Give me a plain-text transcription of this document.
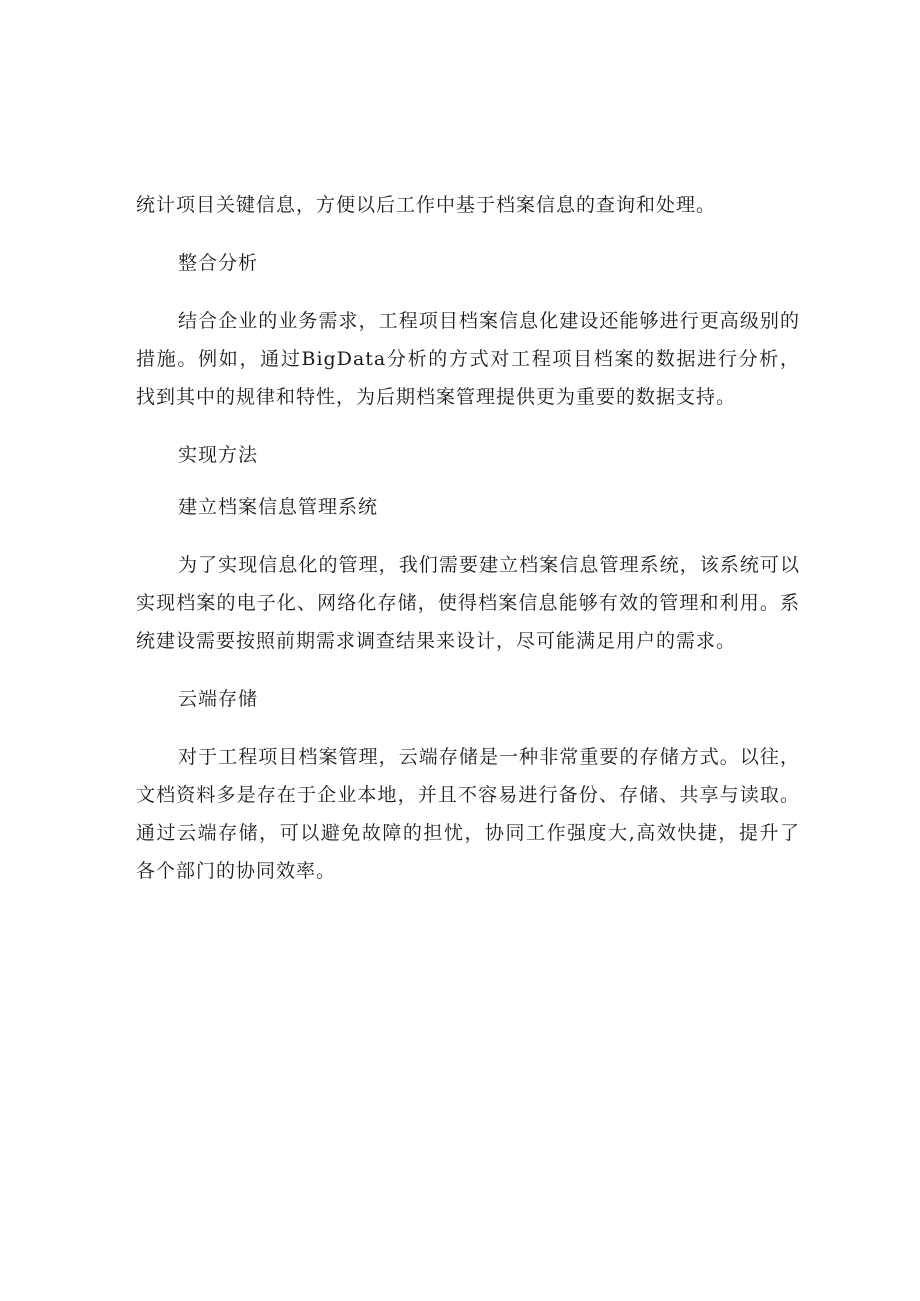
统计项目关键信息，方便以后工作中基于档案信息的查询和处理。

整合分析

结合企业的业务需求，工程项目档案信息化建设还能够进行更高级别的措施。例如，通过BigData分析的方式对工程项目档案的数据进行分析，找到其中的规律和特性，为后期档案管理提供更为重要的数据支持。

实现方法

建立档案信息管理系统

为了实现信息化的管理，我们需要建立档案信息管理系统，该系统可以实现档案的电子化、网络化存储，使得档案信息能够有效的管理和利用。系统建设需要按照前期需求调查结果来设计，尽可能满足用户的需求。

云端存储

对于工程项目档案管理，云端存储是一种非常重要的存储方式。以往，文档资料多是存在于企业本地，并且不容易进行备份、存储、共享与读取。通过云端存储，可以避免故障的担忧，协同工作强度大,高效快捷，提升了各个部门的协同效率。
